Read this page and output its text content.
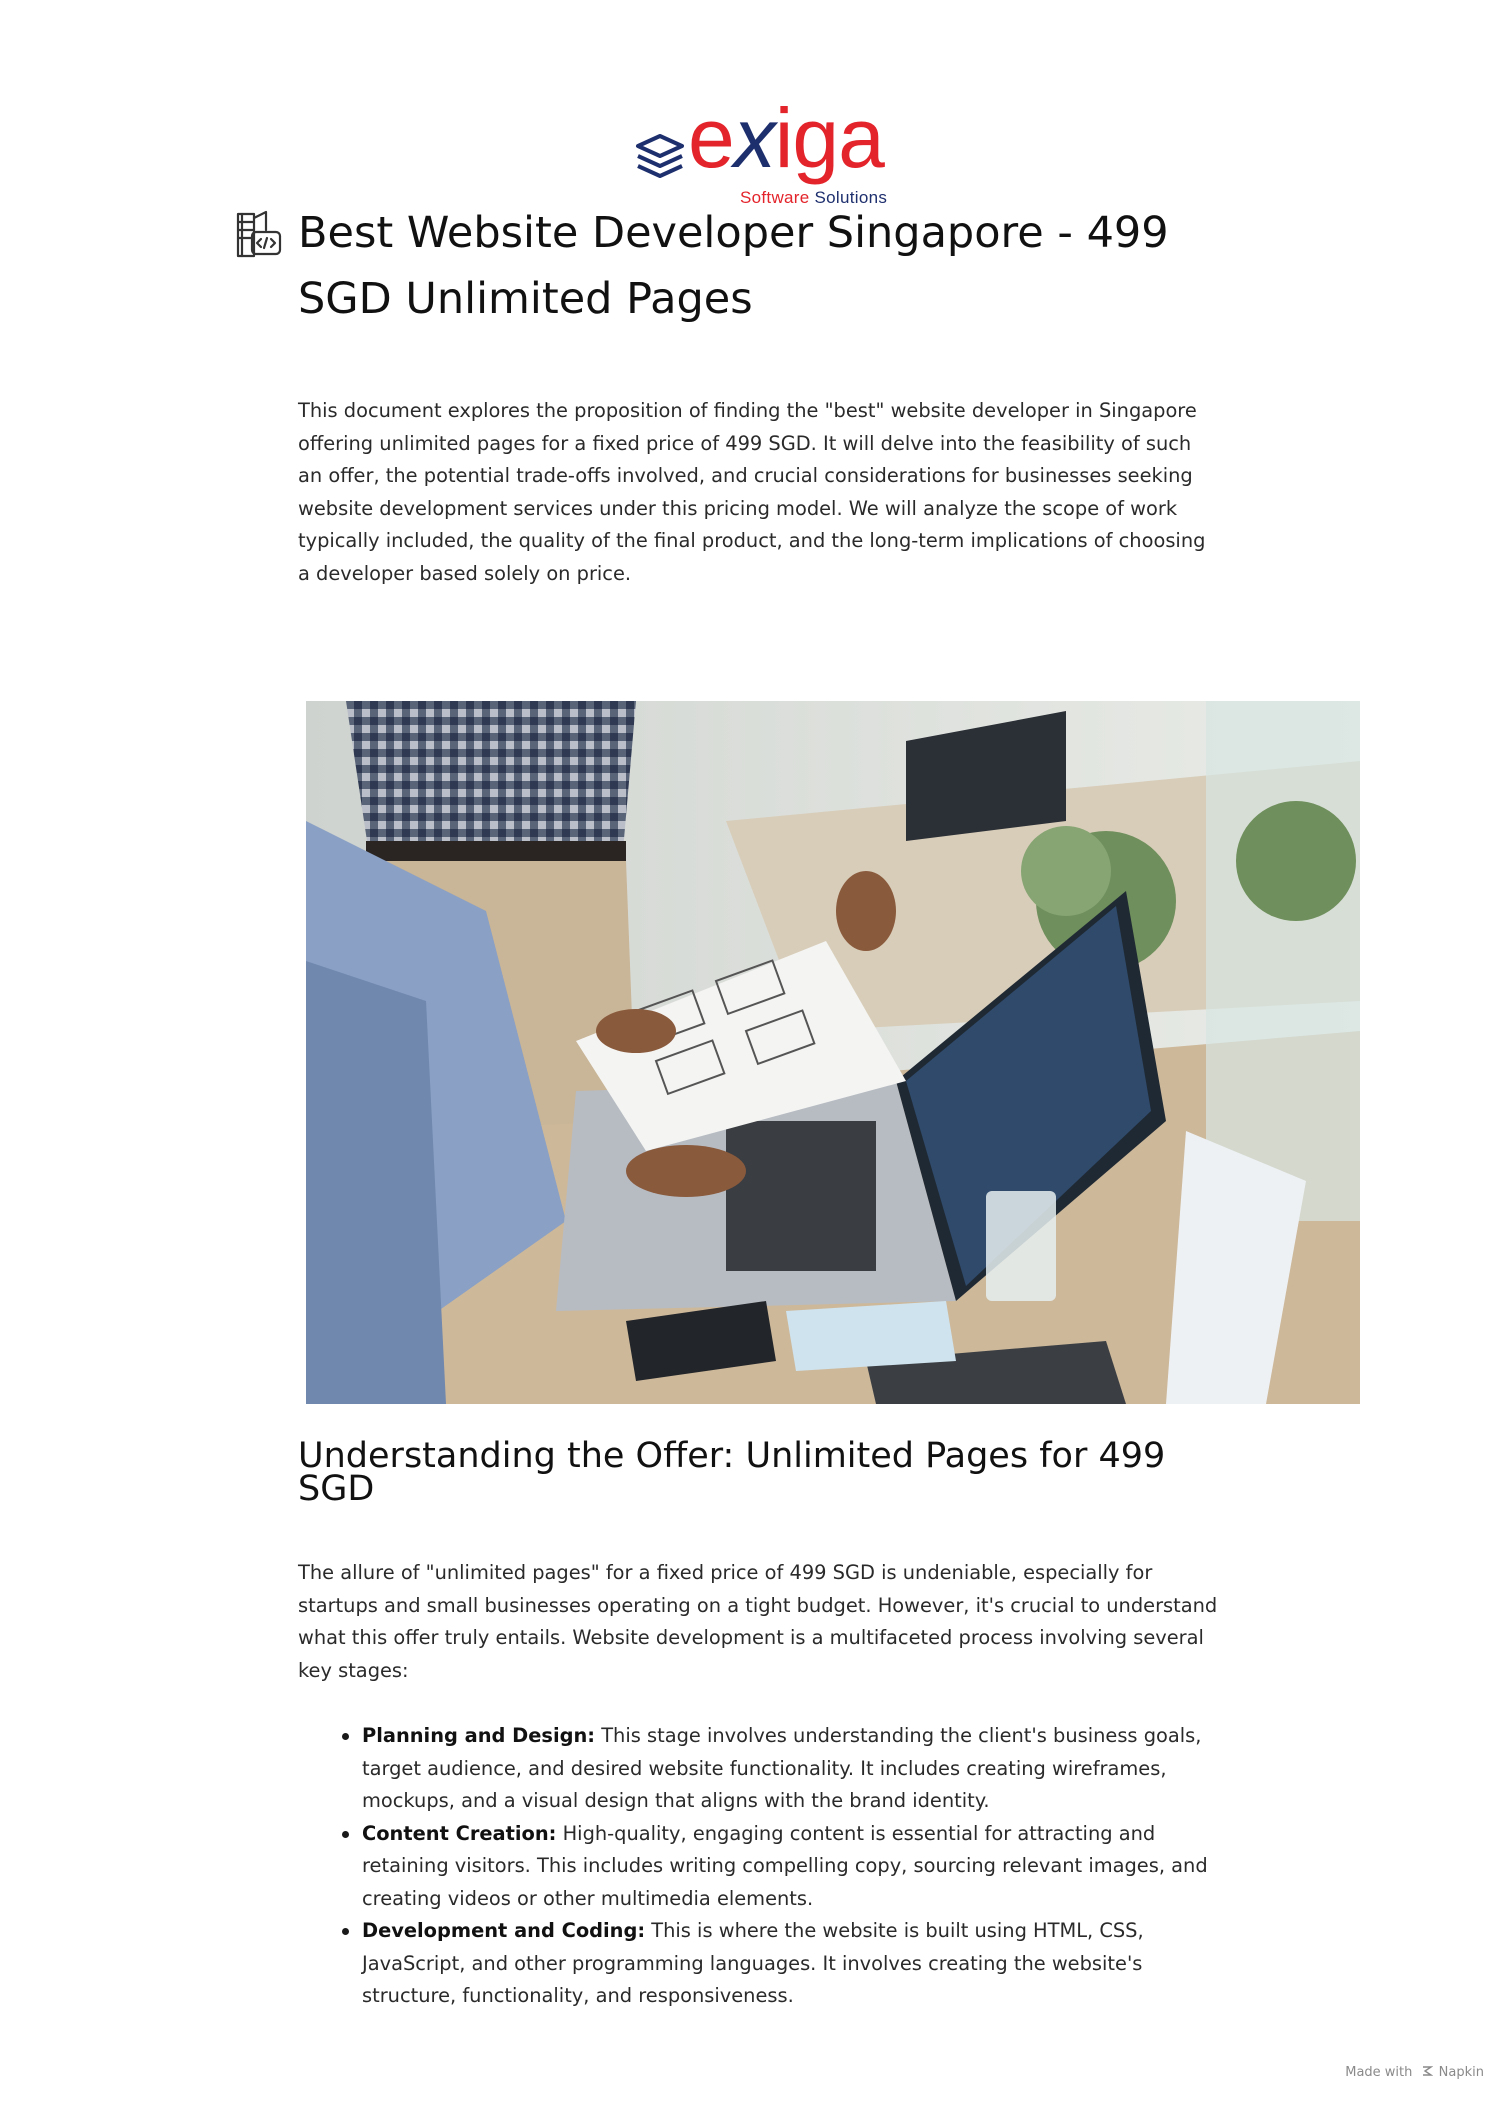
exiga
Software Solutions
Best Website Developer Singapore - 499 SGD Unlimited Pages

This document explores the proposition of finding the "best" website developer in Singapore offering unlimited pages for a fixed price of 499 SGD. It will delve into the feasibility of such an offer, the potential trade-offs involved, and crucial considerations for businesses seeking website development services under this pricing model. We will analyze the scope of work typically included, the quality of the final product, and the long-term implications of choosing a developer based solely on price.

Understanding the Offer: Unlimited Pages for 499 SGD

The allure of "unlimited pages" for a fixed price of 499 SGD is undeniable, especially for startups and small businesses operating on a tight budget. However, it's crucial to understand what this offer truly entails. Website development is a multifaceted process involving several key stages:

Planning and Design: This stage involves understanding the client's business goals, target audience, and desired website functionality. It includes creating wireframes, mockups, and a visual design that aligns with the brand identity.
Content Creation: High-quality, engaging content is essential for attracting and retaining visitors. This includes writing compelling copy, sourcing relevant images, and creating videos or other multimedia elements.
Development and Coding: This is where the website is built using HTML, CSS, JavaScript, and other programming languages. It involves creating the website's structure, functionality, and responsiveness.
Made with Napkin
